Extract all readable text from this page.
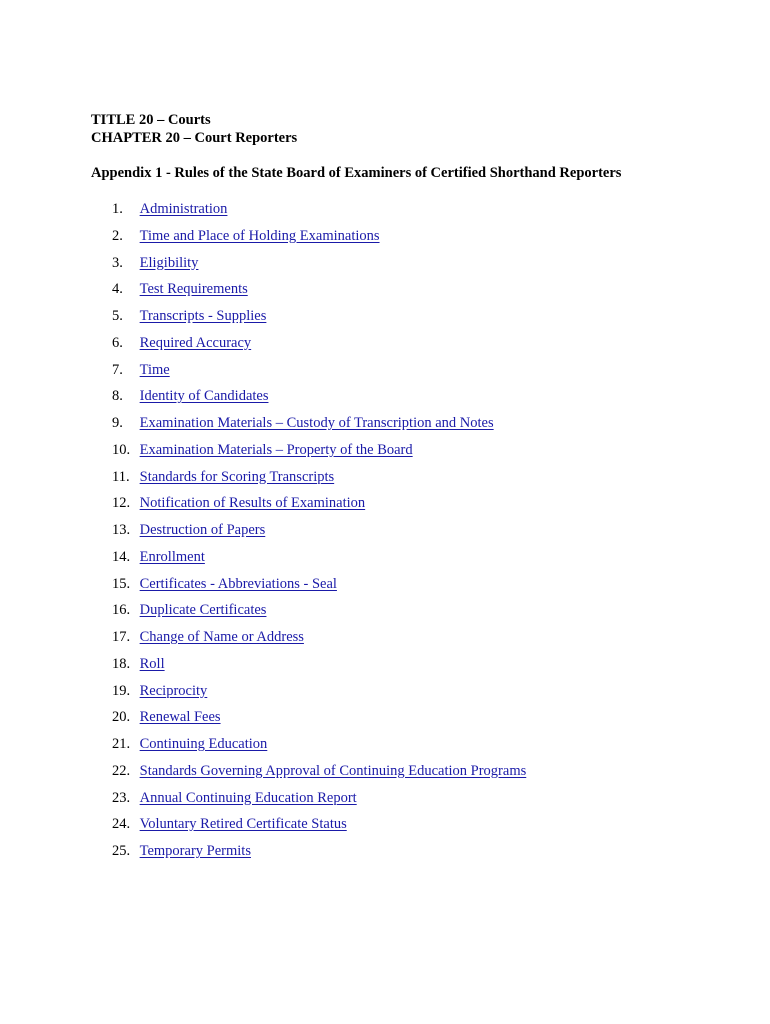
TITLE 20 – Courts
CHAPTER 20 – Court Reporters
Appendix 1 - Rules of the State Board of Examiners of Certified Shorthand Reporters
1.
	Administration
2.
	Time and Place of Holding Examinations
3.
	Eligibility
4.
	Test Requirements
5.
	Transcripts - Supplies
6.
	Required Accuracy
7.
	Time
8.
	Identity of Candidates
9.
	Examination Materials – Custody of Transcription and Notes
10.
Examination Materials – Property of the Board
11.
Standards for Scoring Transcripts
12.
Notification of Results of Examination
13.
Destruction of Papers
14.
Enrollment
15.
Certificates - Abbreviations - Seal
16.
Duplicate Certificates
17.
Change of Name or Address
18.
Roll
19.
Reciprocity
20.
Renewal Fees
21.
Continuing Education
22.
Standards Governing Approval of Continuing Education Programs
23.
Annual Continuing Education Report
24.
Voluntary Retired Certificate Status
25.
Temporary Permits
